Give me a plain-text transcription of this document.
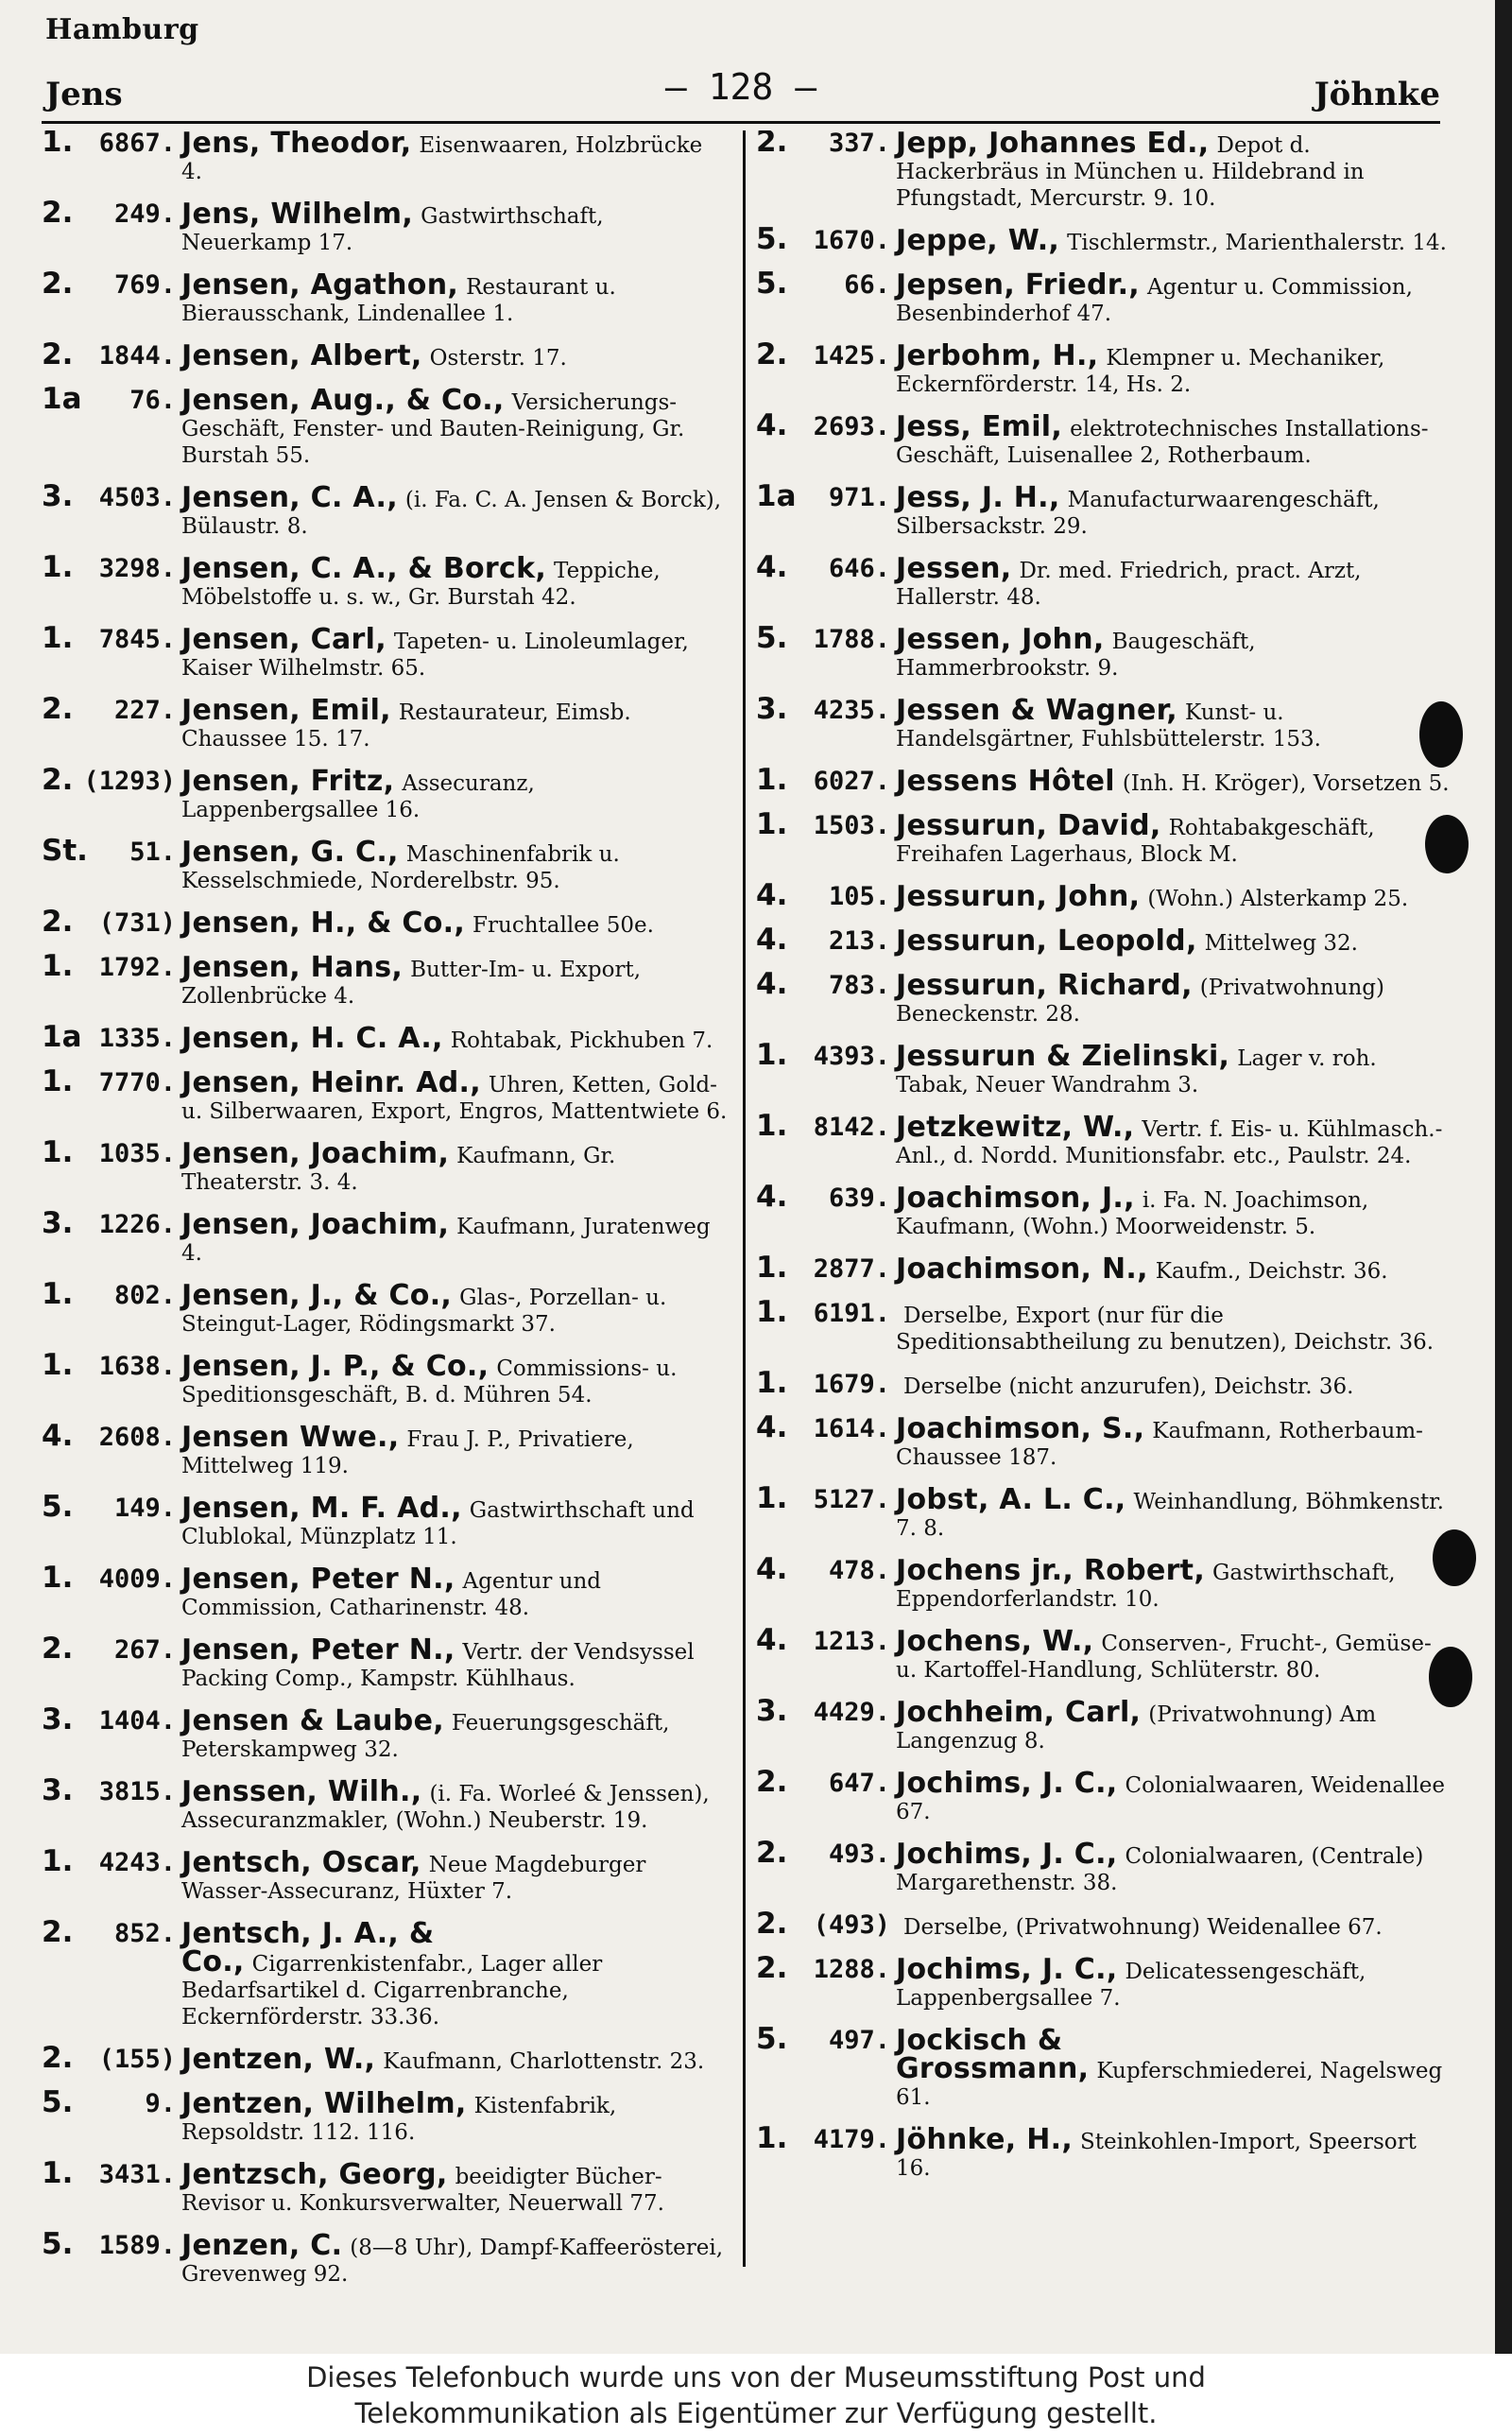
Hamburg
Jens	— 128 —	Jöhnke
1.	6867. Jens, Theodor, Eisenwaaren, Holzbrücke 4.
2.	249. Jens, Wilhelm, Gastwirthschaft, Neuerkamp 17.
2.	769. Jensen, Agathon, Restaurant u. Bierausschank, Lindenallee 1.
2.	1844. Jensen, Albert, Osterstr. 17.
1a	76. Jensen, Aug., & Co., Versicherungs-Geschäft, Fenster- und Bauten-Reinigung, Gr. Burstah 55.
3.	4503. Jensen, C. A., (i. Fa. C. A. Jensen & Borck), Bülaustr. 8.
1.	3298. Jensen, C. A., & Borck, Teppiche, Möbelstoffe u. s. w., Gr. Burstah 42.
1.	7845. Jensen, Carl, Tapeten- u. Linoleumlager, Kaiser Wilhelmstr. 65.
2.	227. Jensen, Emil, Restaurateur, Eimsb. Chaussee 15. 17.
2. (1293) Jensen, Fritz, Assecuranz, Lappenbergsallee 16.
St.	51. Jensen, G. C., Maschinenfabrik u. Kesselschmiede, Norderelbstr. 95.
2.	(731) Jensen, H., & Co., Fruchtallee 50e.
1.	1792. Jensen, Hans, Butter-Im- u. Export, Zollenbrücke 4.
1a 1335. Jensen, H. C. A., Rohtabak, Pickhuben 7.
1.	7770. Jensen, Heinr. Ad., Uhren, Ketten, Gold- u. Silberwaaren, Export, Engros, Mattentwiete 6.
1.	1035. Jensen, Joachim, Kaufmann, Gr. Theaterstr. 3. 4.
3.	1226. Jensen, Joachim, Kaufmann, Juratenweg 4.
1.	802. Jensen, J., & Co., Glas-, Porzellan- u. Steingut-Lager, Rödingsmarkt 37.
1.	1638. Jensen, J. P., & Co., Commissions- u. Speditionsgeschäft, B. d. Mühren 54.
4.	2608. Jensen Wwe., Frau J. P., Privatiere, Mittelweg 119.
5.	149. Jensen, M. F. Ad., Gastwirthschaft und Clublokal, Münzplatz 11.
1.	4009. Jensen, Peter N., Agentur und Commission, Catharinenstr. 48.
2.	267. Jensen, Peter N., Vertr. der Vendsyssel Packing Comp., Kampstr. Kühlhaus.
3.	1404. Jensen & Laube, Feuerungsgeschäft, Peterskampweg 32.
3.	3815. Jenssen, Wilh., (i. Fa. Worleé & Jenssen), Assecuranzmakler, (Wohn.) Neuberstr. 19.
1.	4243. Jentsch, Oscar, Neue Magdeburger Wasser-Assecuranz, Hüxter 7.
2.	852. Jentsch, J. A., & Co., Cigarrenkistenfabr., Lager aller Bedarfsartikel d. Cigarrenbranche, Eckernförderstr. 33.36.
2.	(155) Jentzen, W., Kaufmann, Charlottenstr. 23.
5.	9. Jentzen, Wilhelm, Kistenfabrik, Repsoldstr. 112. 116.
1.	3431. Jentzsch, Georg, beeidigter Bücher-Revisor u. Konkursverwalter, Neuerwall 77.
5.	1589. Jenzen, C. (8—8 Uhr), Dampf-Kaffeerösterei, Grevenweg 92.
2.	337. Jepp, Johannes Ed., Depot d. Hackerbräus in München u. Hildebrand in Pfungstadt, Mercurstr. 9. 10.
5.	1670. Jeppe, W., Tischlermstr., Marienthalerstr. 14.
5.	66. Jepsen, Friedr., Agentur u. Commission, Besenbinderhof 47.
2.	1425. Jerbohm, H., Klempner u. Mechaniker, Eckernförderstr. 14, Hs. 2.
4.	2693. Jess, Emil, elektrotechnisches Installations-Geschäft, Luisenallee 2, Rotherbaum.
1a	971. Jess, J. H., Manufacturwaarengeschäft, Silbersackstr. 29.
4.	646. Jessen, Dr. med. Friedrich, pract. Arzt, Hallerstr. 48.
5.	1788. Jessen, John, Baugeschäft, Hammerbrookstr. 9.
3.	4235. Jessen & Wagner, Kunst- u. Handelsgärtner, Fuhlsbüttelerstr. 153.
1.	6027. Jessens Hôtel (Inh. H. Kröger), Vorsetzen 5.
1.	1503. Jessurun, David, Rohtabakgeschäft, Freihafen Lagerhaus, Block M.
4.	105. Jessurun, John, (Wohn.) Alsterkamp 25.
4.	213. Jessurun, Leopold, Mittelweg 32.
4.	783. Jessurun, Richard, (Privatwohnung) Beneckenstr. 28.
1.	4393. Jessurun & Zielinski, Lager v. roh. Tabak, Neuer Wandrahm 3.
1.	8142. Jetzkewitz, W., Vertr. f. Eis- u. Kühlmasch.-Anl., d. Nordd. Munitionsfabr. etc., Paulstr. 24.
4.	639. Joachimson, J., i. Fa. N. Joachimson, Kaufmann, (Wohn.) Moorweidenstr. 5.
1.	2877. Joachimson, N., Kaufm., Deichstr. 36.
1.	6191. Derselbe, Export (nur für die Speditionsabtheilung zu benutzen), Deichstr. 36.
1.	1679. Derselbe (nicht anzurufen), Deichstr. 36.
4.	1614. Joachimson, S., Kaufmann, Rotherbaum-Chaussee 187.
1.	5127. Jobst, A. L. C., Weinhandlung, Böhmkenstr. 7. 8.
4.	478. Jochens jr., Robert, Gastwirthschaft, Eppendorferlandstr. 10.
4.	1213. Jochens, W., Conserven-, Frucht-, Gemüse- u. Kartoffel-Handlung, Schlüterstr. 80.
3.	4429. Jochheim, Carl, (Privatwohnung) Am Langenzug 8.
2.	647. Jochims, J. C., Colonialwaaren, Weidenallee 67.
2.	493. Jochims, J. C., Colonialwaaren, (Centrale) Margarethenstr. 38.
2.	(493) Derselbe, (Privatwohnung) Weidenallee 67.
2.	1288. Jochims, J. C., Delicatessengeschäft, Lappenbergsallee 7.
5.	497. Jockisch & Grossmann, Kupferschmiederei, Nagelsweg 61.
1.	4179. Jöhnke, H., Steinkohlen-Import, Speersort 16.
Dieses Telefonbuch wurde uns von der Museumsstiftung Post und
Telekommunikation als Eigentümer zur Verfügung gestellt.
